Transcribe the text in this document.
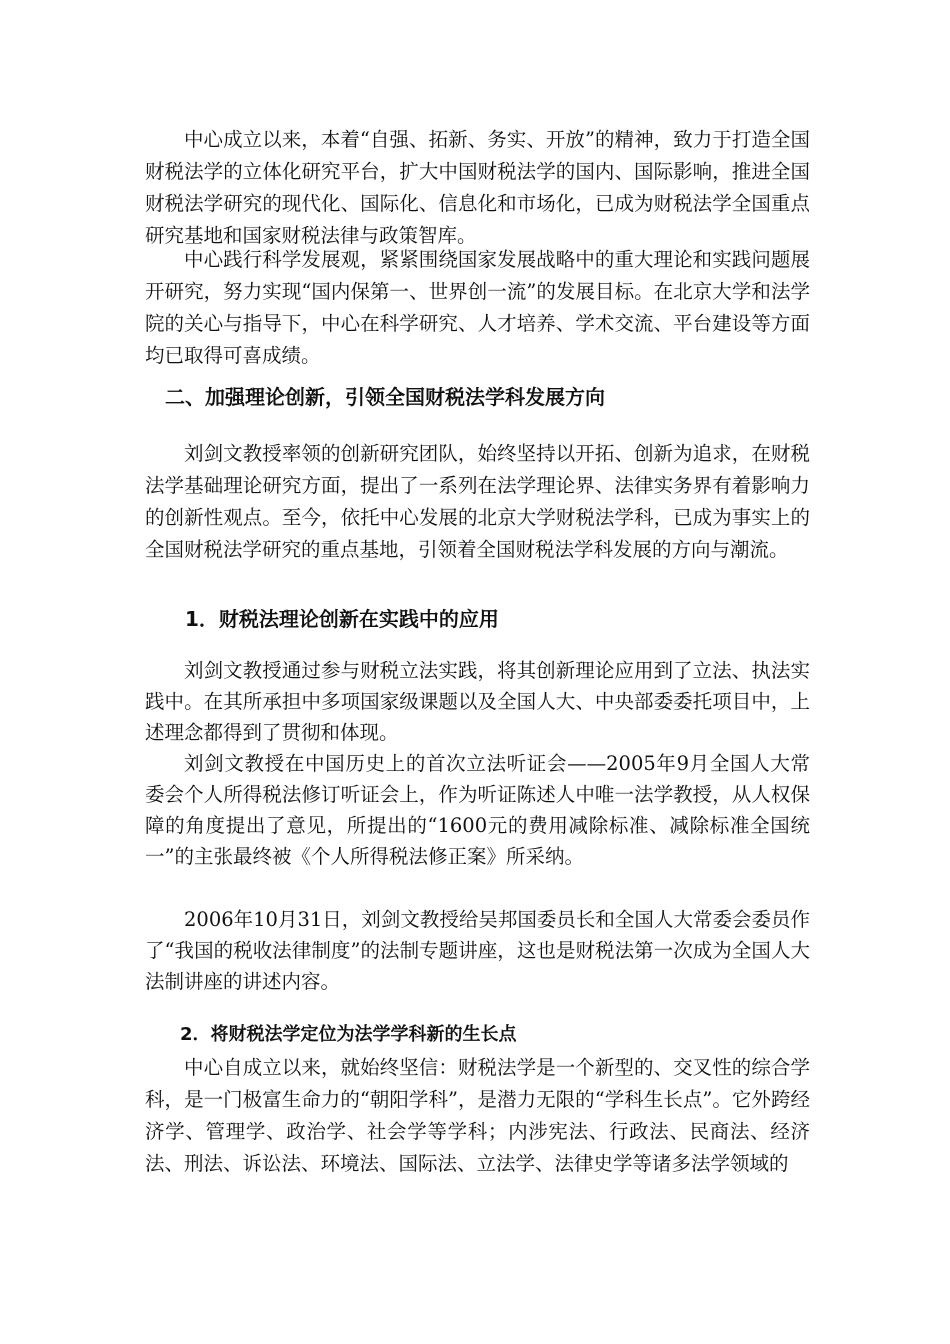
中心成立以来，本着“自强、拓新、务实、开放”的精神，致力于打造全国财税法学的立体化研究平台，扩大中国财税法学的国内、国际影响，推进全国财税法学研究的现代化、国际化、信息化和市场化，已成为财税法学全国重点研究基地和国家财税法律与政策智库。
中心践行科学发展观，紧紧围绕国家发展战略中的重大理论和实践问题展开研究，努力实现“国内保第一、世界创一流”的发展目标。在北京大学和法学院的关心与指导下，中心在科学研究、人才培养、学术交流、平台建设等方面均已取得可喜成绩。
二、加强理论创新，引领全国财税法学科发展方向
刘剑文教授率领的创新研究团队，始终坚持以开拓、创新为追求，在财税法学基础理论研究方面，提出了一系列在法学理论界、法律实务界有着影响力的创新性观点。至今，依托中心发展的北京大学财税法学科，已成为事实上的全国财税法学研究的重点基地，引领着全国财税法学科发展的方向与潮流。
1．财税法理论创新在实践中的应用
刘剑文教授通过参与财税立法实践，将其创新理论应用到了立法、执法实践中。在其所承担中多项国家级课题以及全国人大、中央部委委托项目中，上述理念都得到了贯彻和体现。
刘剑文教授在中国历史上的首次立法听证会——2005年9月全国人大常委会个人所得税法修订听证会上，作为听证陈述人中唯一法学教授，从人权保障的角度提出了意见，所提出的“1600元的费用减除标准、减除标准全国统一”的主张最终被《个人所得税法修正案》所采纳。
2006年10月31日，刘剑文教授给吴邦国委员长和全国人大常委会委员作了“我国的税收法律制度”的法制专题讲座，这也是财税法第一次成为全国人大法制讲座的讲述内容。
2．将财税法学定位为法学学科新的生长点
中心自成立以来，就始终坚信：财税法学是一个新型的、交叉性的综合学科，是一门极富生命力的“朝阳学科”，是潜力无限的“学科生长点”。它外跨经济学、管理学、政治学、社会学等学科；内涉宪法、行政法、民商法、经济法、刑法、诉讼法、环境法、国际法、立法学、法律史学等诸多法学领域的
